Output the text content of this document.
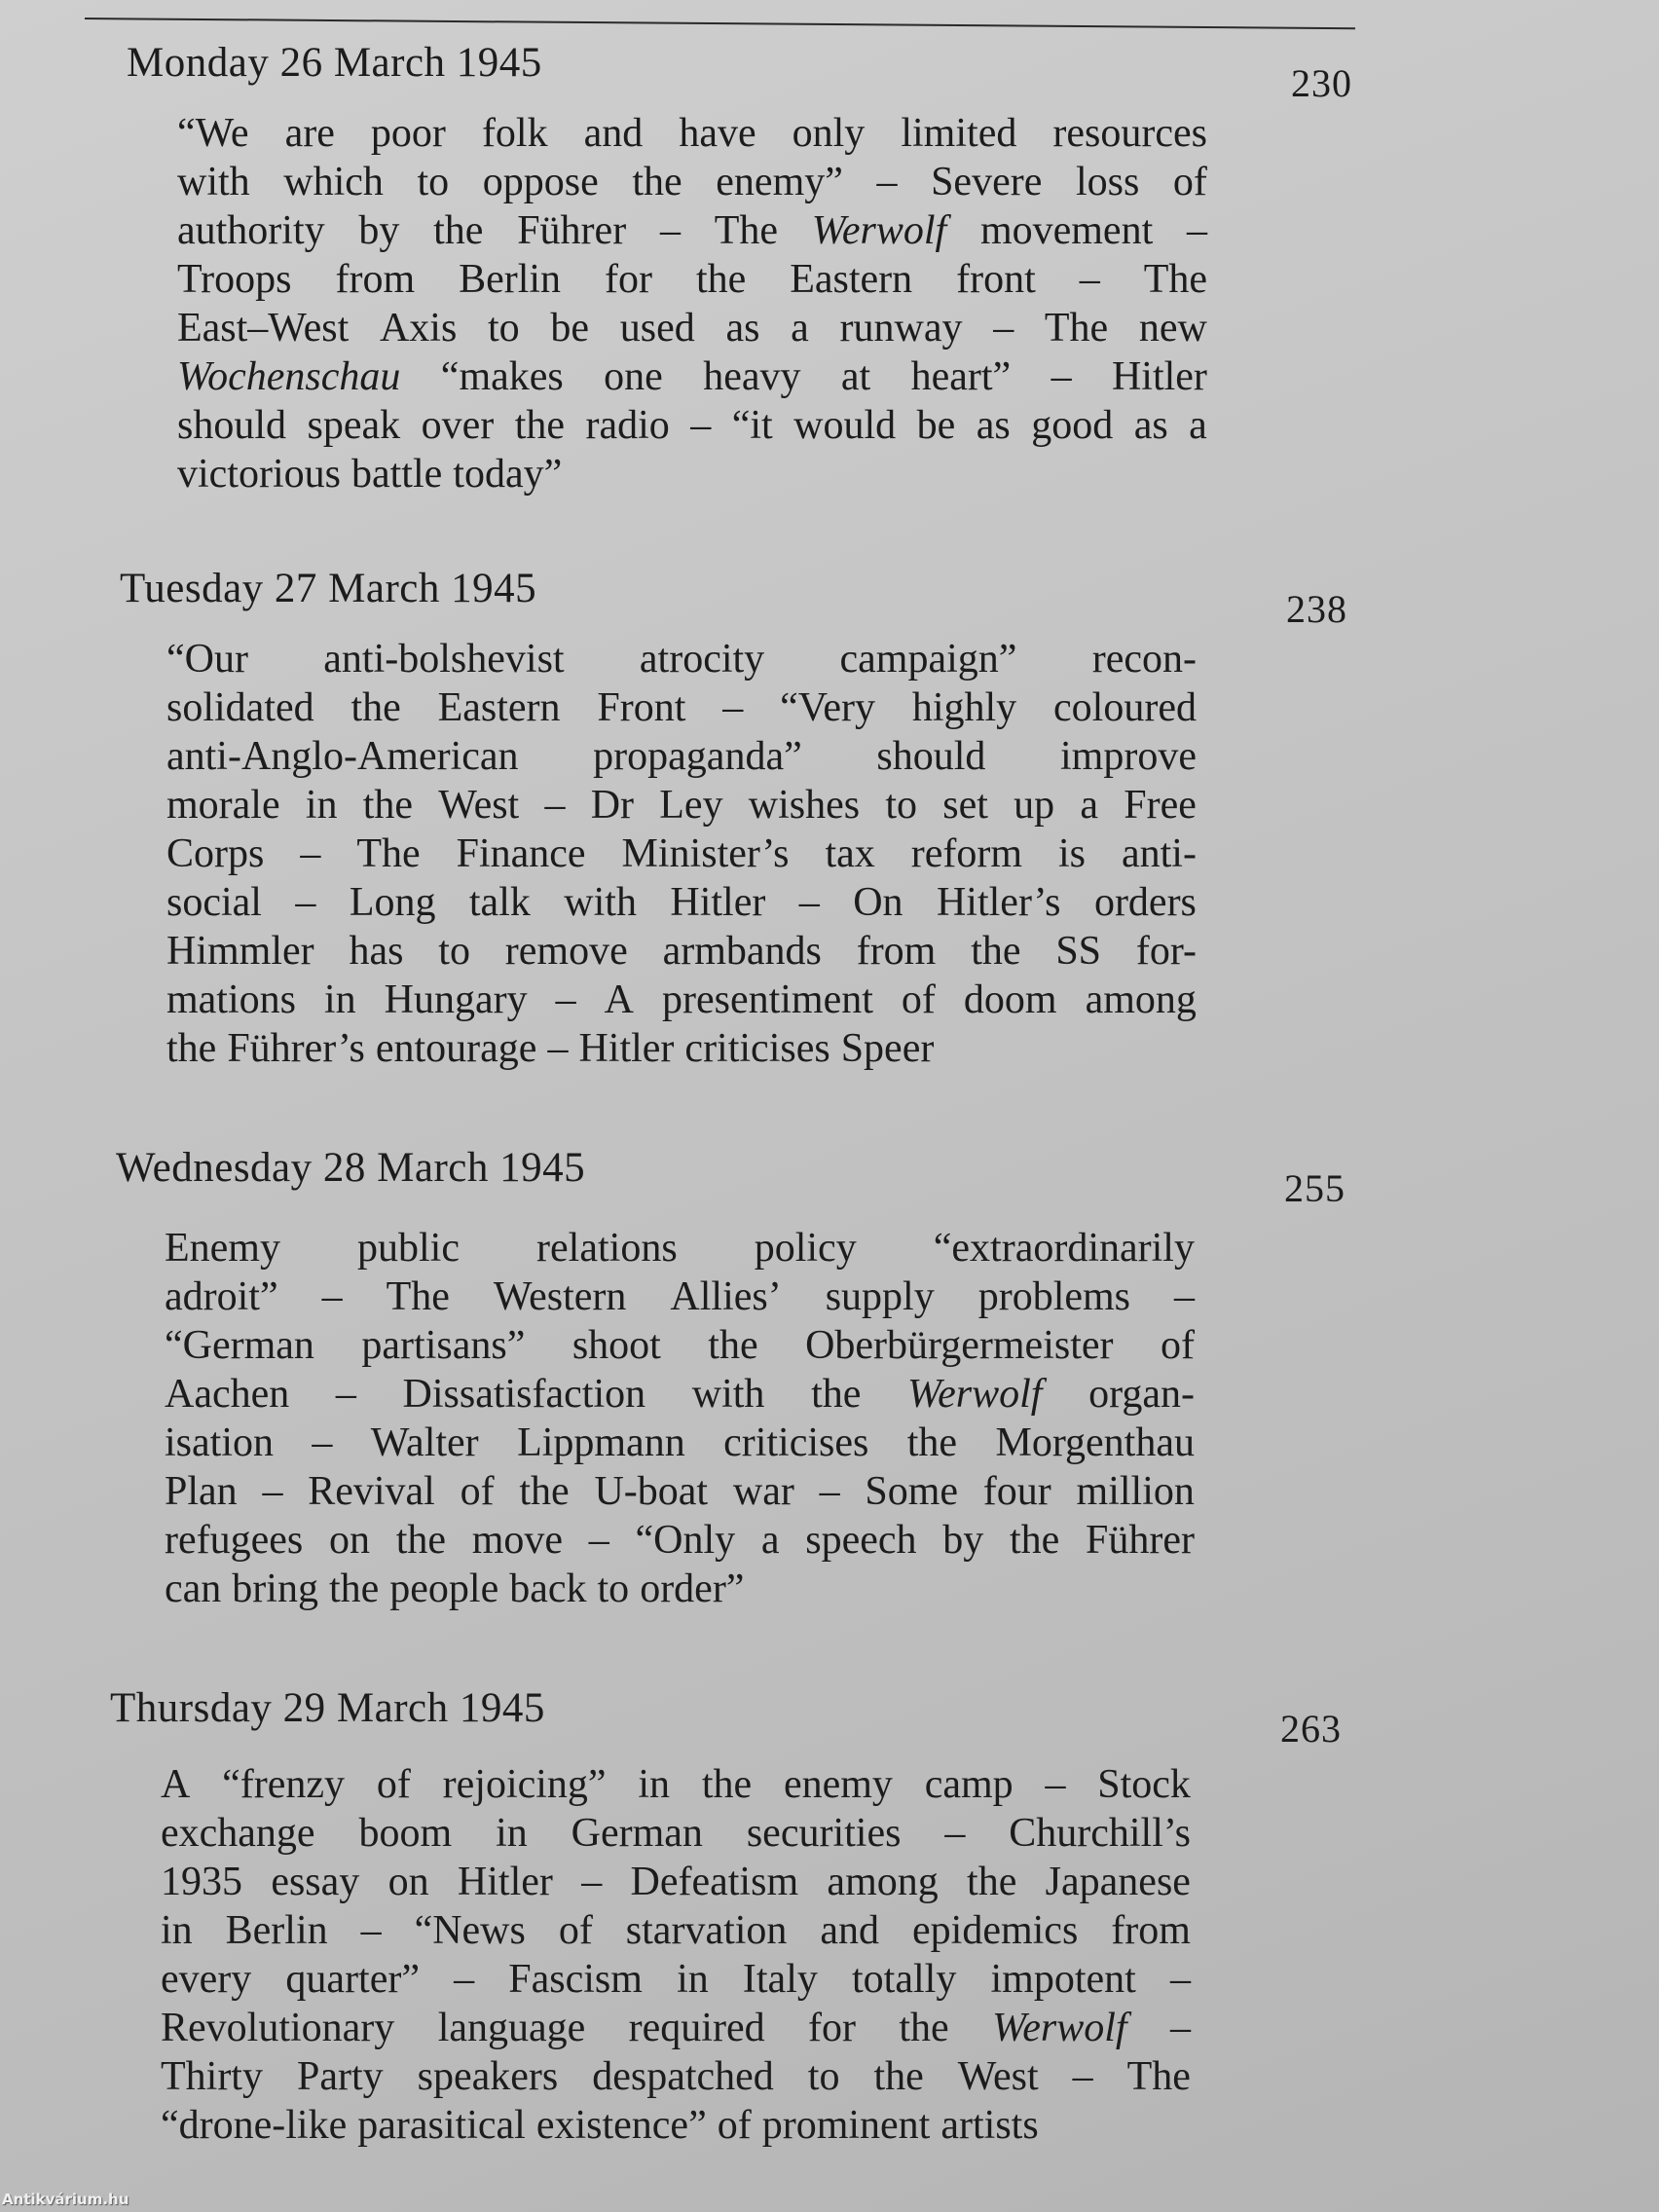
Monday 26 March 1945	230
“We are poor folk and have only limited resources
with which to oppose the enemy” – Severe loss of
authority by the Führer – The Werwolf movement –
Troops from Berlin for the Eastern front – The
East–West Axis to be used as a runway – The new
Wochenschau “makes one heavy at heart” – Hitler
should speak over the radio – “it would be as good as a
victorious battle today”
Tuesday 27 March 1945	238
“Our anti-bolshevist atrocity campaign” recon-
solidated the Eastern Front – “Very highly coloured
anti-Anglo-American propaganda” should improve
morale in the West – Dr Ley wishes to set up a Free
Corps – The Finance Minister’s tax reform is anti-
social – Long talk with Hitler – On Hitler’s orders
Himmler has to remove armbands from the SS for-
mations in Hungary – A presentiment of doom among
the Führer’s entourage – Hitler criticises Speer
Wednesday 28 March 1945	255
Enemy public relations policy “extraordinarily
adroit” – The Western Allies’ supply problems –
“German partisans” shoot the Oberbürgermeister of
Aachen – Dissatisfaction with the Werwolf organ-
isation – Walter Lippmann criticises the Morgenthau
Plan – Revival of the U-boat war – Some four million
refugees on the move – “Only a speech by the Führer
can bring the people back to order”
Thursday 29 March 1945	263
A “frenzy of rejoicing” in the enemy camp – Stock
exchange boom in German securities – Churchill’s
1935 essay on Hitler – Defeatism among the Japanese
in Berlin – “News of starvation and epidemics from
every quarter” – Fascism in Italy totally impotent –
Revolutionary language required for the Werwolf –
Thirty Party speakers despatched to the West – The
“drone-like parasitical existence” of prominent artists
Antikvárium.hu
